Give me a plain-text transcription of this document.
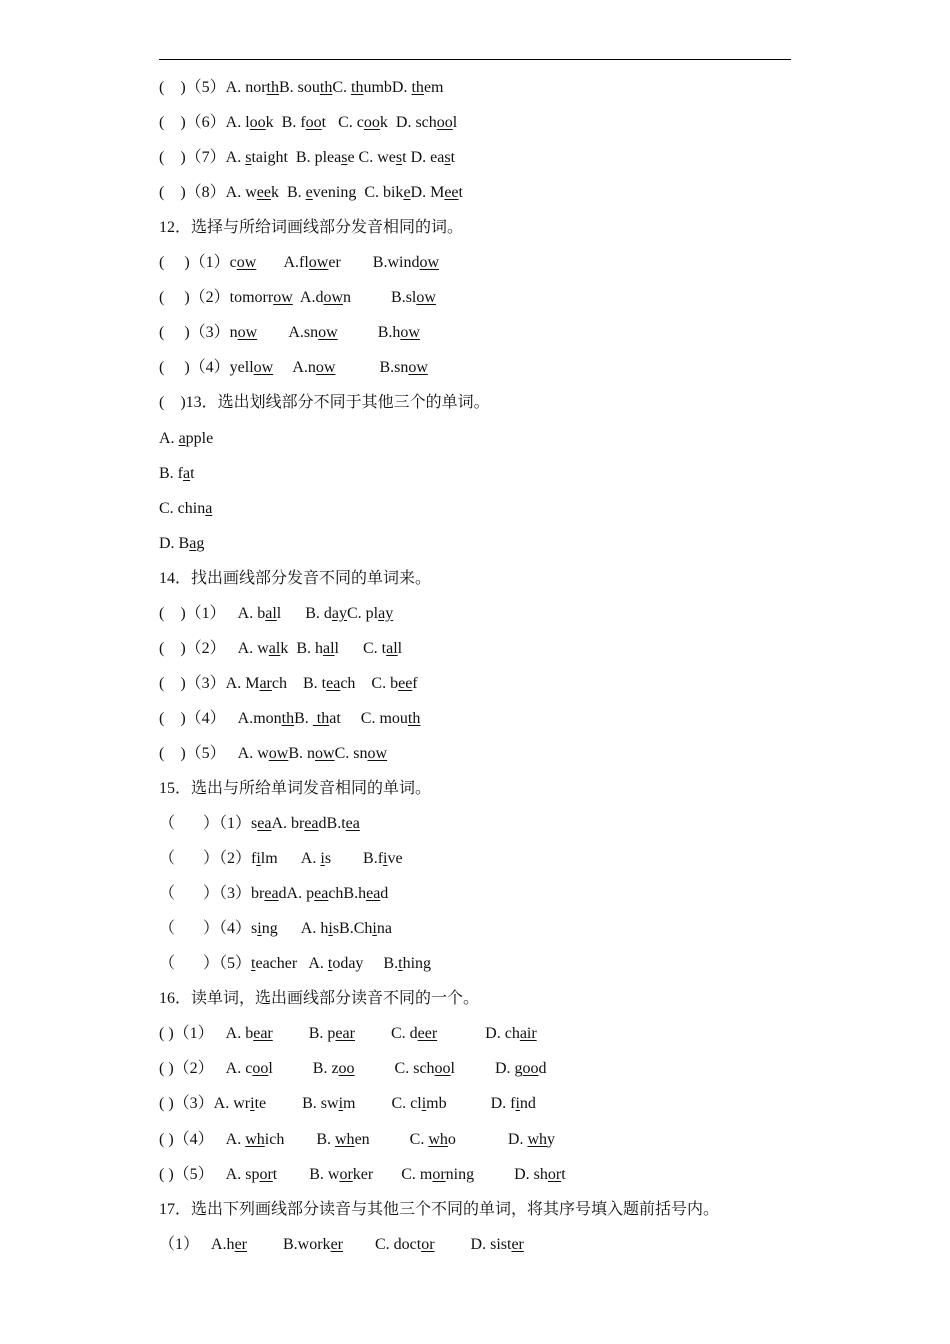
(    )（5）A. northB. southC. thumbD. them
(    )（6）A. look  B. foot   C. cook  D. school
(    )（7）A. staight  B. please C. west D. east
(    )（8）A. week  B. evening  C. bikeD. Meet
12．选择与所给词画线部分发音相同的词。
(     )（1）cow       A.flower        B.window
(     )（2）tomorrow  A.down          B.slow
(     )（3）now        A.snow          B.how
(     )（4）yellow     A.now           B.snow
(    )13．选出划线部分不同于其他三个的单词。
A. apple
B. fat
C. china
D. Bag
14．找出画线部分发音不同的单词来。
(    )（1）   A. ball      B. dayC. play
(    )（2）   A. walk  B. hall      C. tall
(    )（3）A. March    B. teach    C. beef
(    )（4）   A.monthB.  that     C. mouth
(    )（5）   A. wowB. nowC. snow
15．选出与所给单词发音相同的单词。
（       ）（1）seaA. breadB.tea
（       ）（2）film      A. is        B.five
（       ）（3）breadA. peachB.head
（       ）（4）sing      A. hisB.China
（       ）（5）teacher   A. today     B.thing
16．读单词，选出画线部分读音不同的一个。
( )（1）   A. bear         B. pear         C. deer            D. chair
( )（2）   A. cool          B. zoo          C. school          D. good
( )（3）A. write         B. swim         C. climb           D. find
( )（4）   A. which        B. when          C. who             D. why
( )（5）   A. sport        B. worker       C. morning          D. short
17．选出下列画线部分读音与其他三个不同的单词，将其序号填入题前括号内。
（1）   A.her         B.worker        C. doctor         D. sister
